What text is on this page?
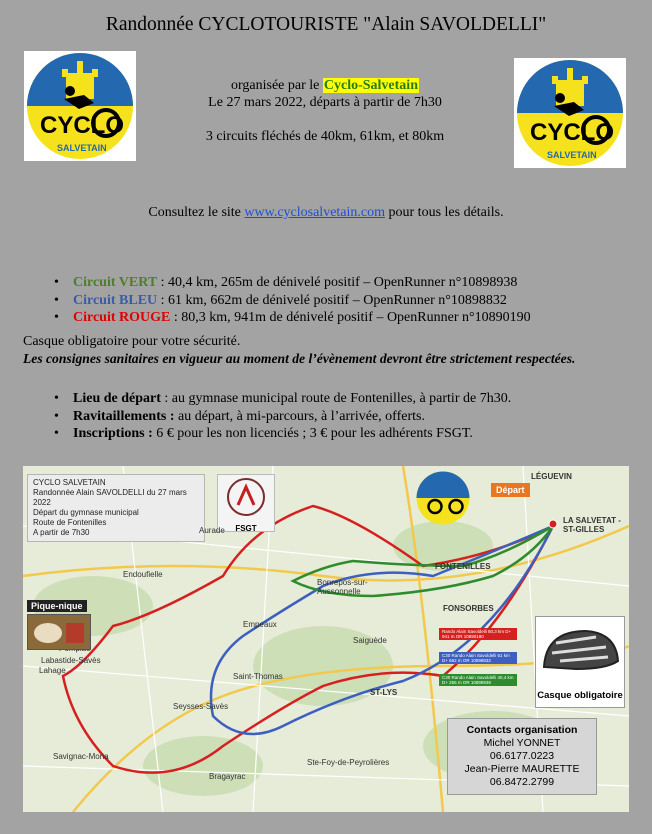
Randonnée CYCLOTOURISTE "Alain SAVOLDELLI"
CYCLO
SALVETAIN
CYCLO
SALVETAIN
organisée par le Cyclo-Salvetain
Le 27 mars 2022, départs à partir de 7h30
3 circuits fléchés de 40km, 61km, et 80km
Consultez le site www.cyclosalvetain.com pour tous les détails.
• Circuit VERT : 40,4 km, 265m de dénivelé positif – OpenRunner n°10898938
• Circuit BLEU : 61 km, 662m de dénivelé positif – OpenRunner n°10898832
• Circuit ROUGE : 80,3 km, 941m de dénivelé positif – OpenRunner n°10890190
Casque obligatoire pour votre sécurité.
Les consignes sanitaires en vigueur au moment de l’évènement devront être strictement respectées.
• Lieu de départ : au gymnase municipal route de Fontenilles, à partir de 7h30.
• Ravitaillements : au départ, à mi-parcours, à l’arrivée, offerts.
• Inscriptions : 6 € pour les non licenciés ; 3 € pour les adhérents FSGT.
CYCLO SALVETAIN
Randonnée Alain SAVOLDELLI du 27 mars 2022
Départ du gymnase municipal
Route de Fontenilles
A partir de 7h30	FSGT
Départ
LÉGUEVIN
LA SALVETAT -ST-GILLES
FONTENILLES
FONSORBES
ST-LYS
Saiguède
Lahage
Endoufielle
Labastide-Savès
Saint-Thomas
Bragayrac
Ste-Foy-de-Peyrolières
Savignac-Mona
Seysses-Savès
Aurade
Bonrepos-sur-Aussonnelle
Empeaux
Pique-nique
Rando Alain Savoldelli 80,3 km D+ 941 m OR 10890190
C30 Rando Alain Savoldelli 61 km D+ 662 m OR 10898832
C30 Rando Alain Savoldelli 40,4 km D+ 265 m OR 10898938
Casque obligatoire
Contacts organisation
Michel YONNET
06.6177.0223
Jean-Pierre MAURETTE
06.8472.2799
